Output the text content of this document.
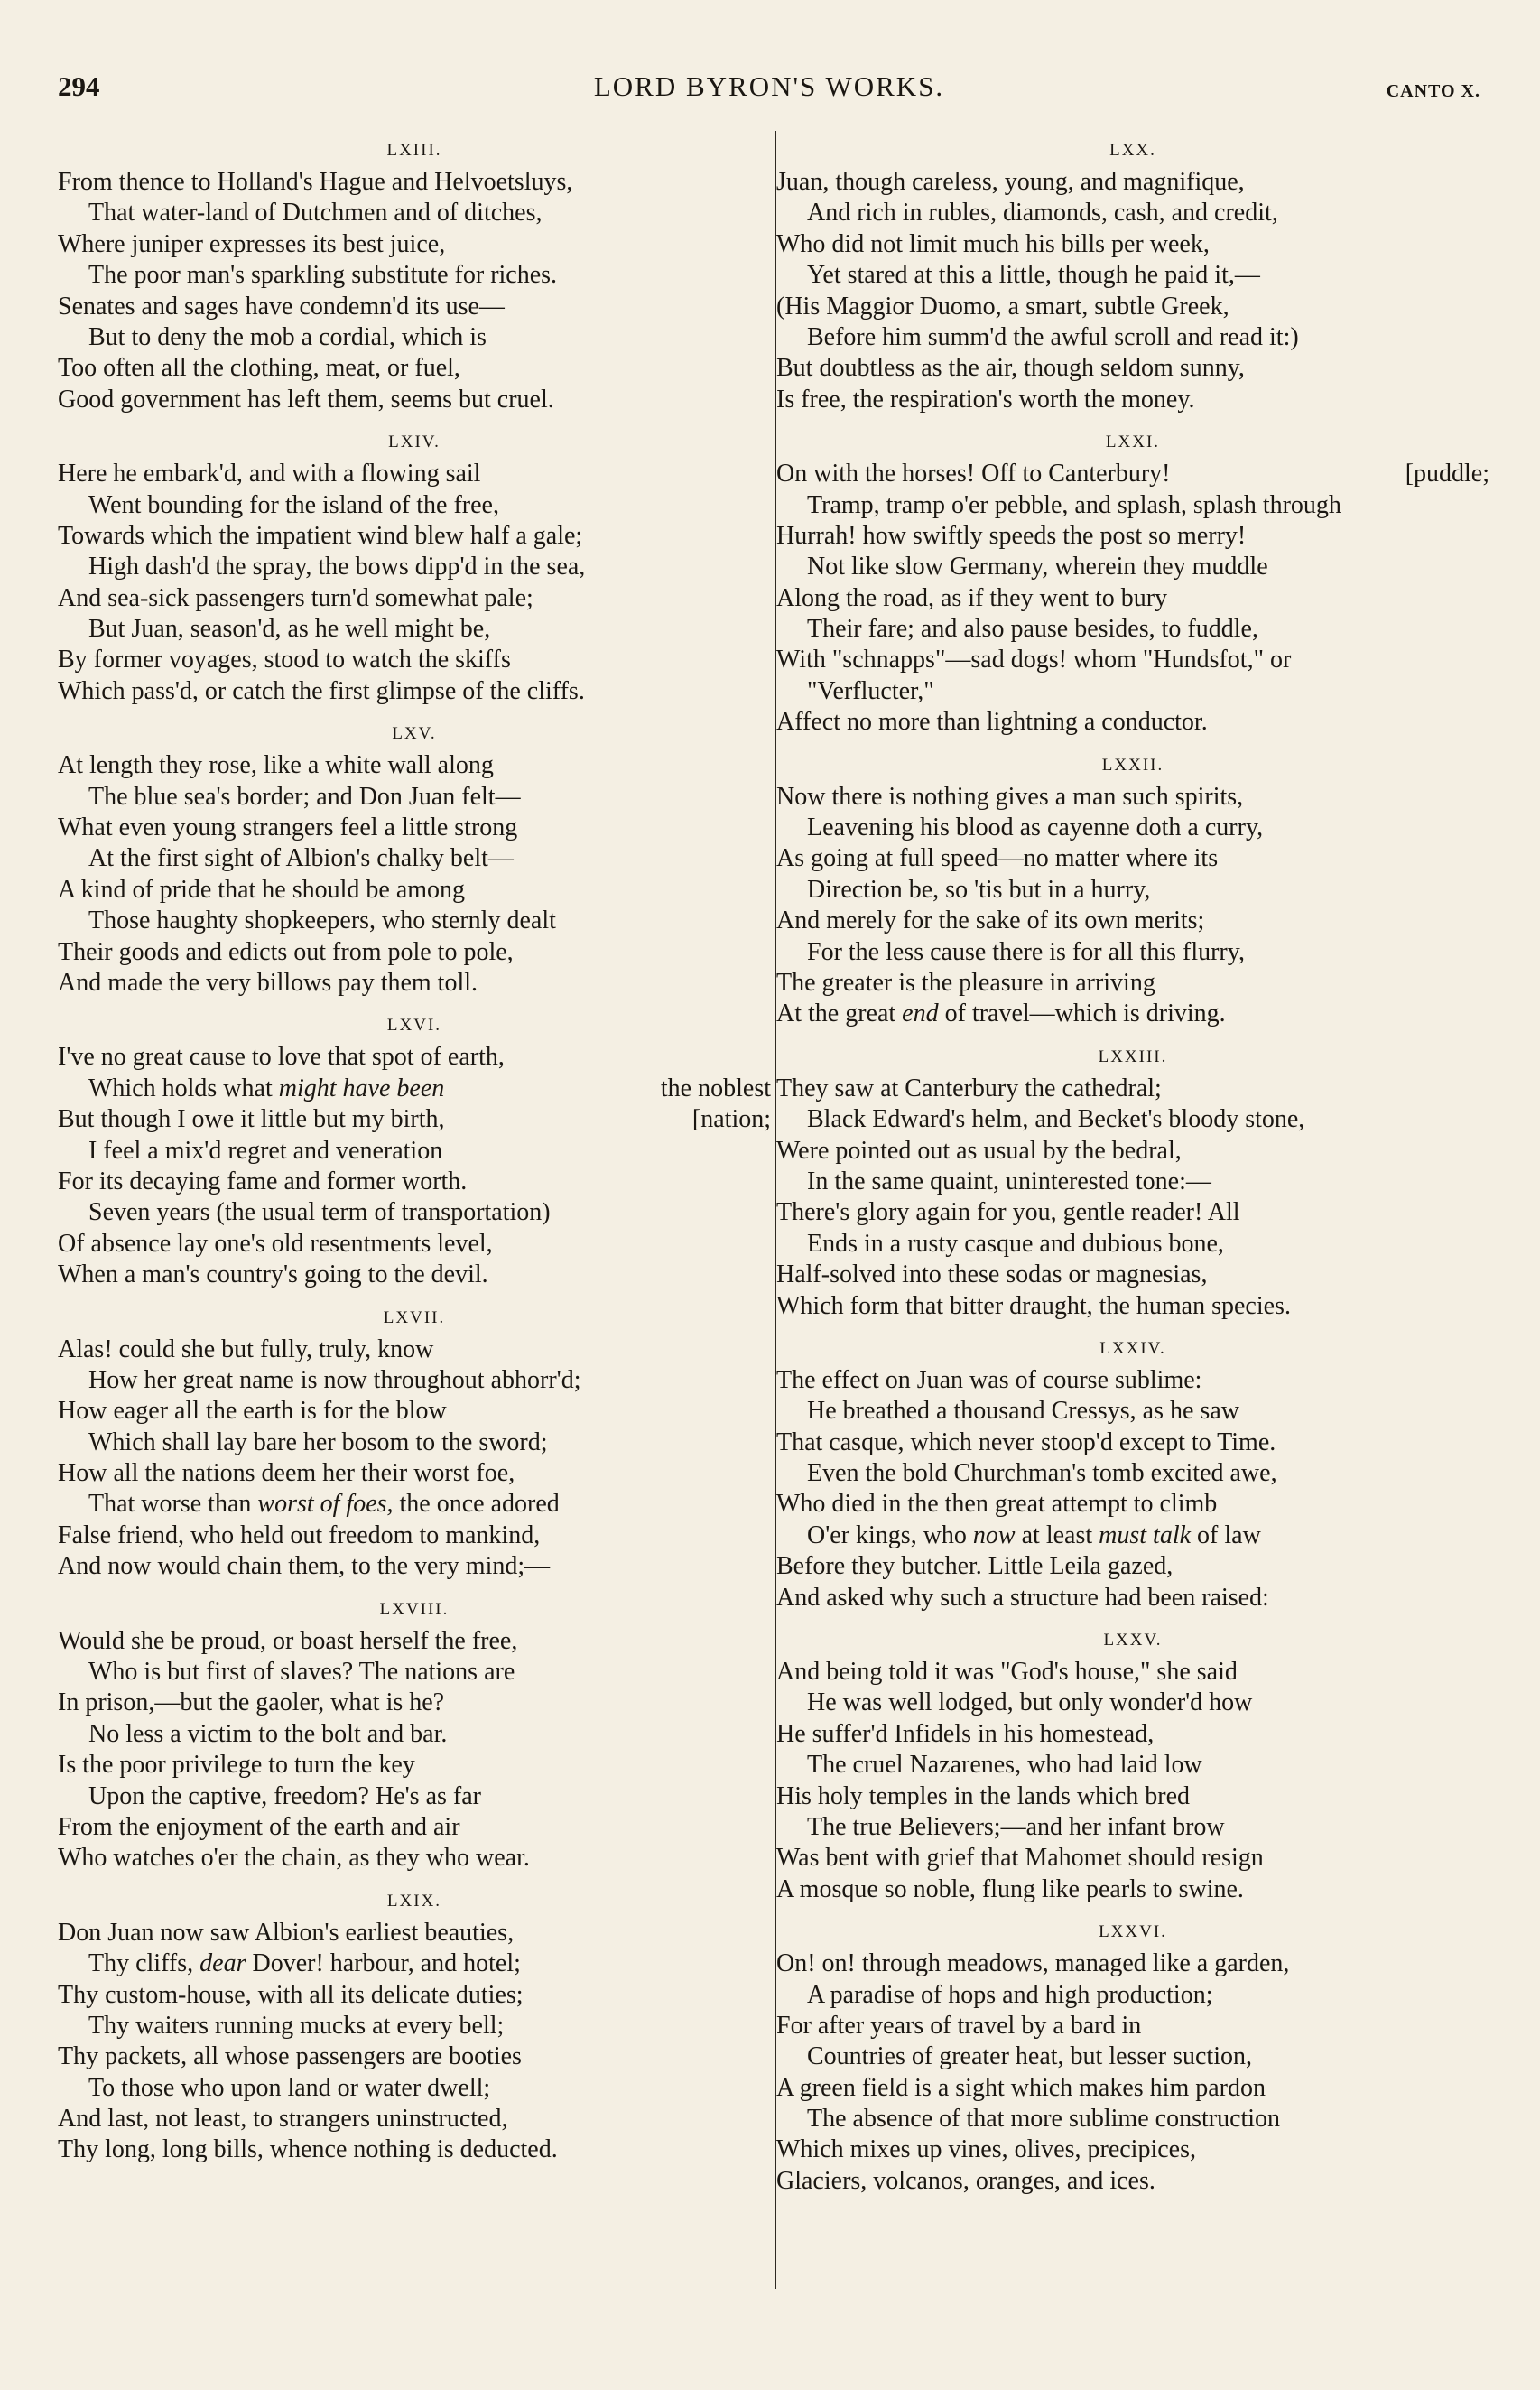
294	LORD BYRON'S WORKS.	CANTO X.
LXIII.
From thence to Holland's Hague and Helvoetsluys,
That water-land of Dutchmen and of ditches,
Where juniper expresses its best juice,
The poor man's sparkling substitute for riches.
Senates and sages have condemn'd its use—
But to deny the mob a cordial, which is
Too often all the clothing, meat, or fuel,
Good government has left them, seems but cruel.
LXIV.
Here he embark'd, and with a flowing sail
Went bounding for the island of the free,
Towards which the impatient wind blew half a gale;
High dash'd the spray, the bows dipp'd in the sea,
And sea-sick passengers turn'd somewhat pale;
But Juan, season'd, as he well might be,
By former voyages, stood to watch the skiffs
Which pass'd, or catch the first glimpse of the cliffs.
LXV.
At length they rose, like a white wall along
The blue sea's border; and Don Juan felt—
What even young strangers feel a little strong
At the first sight of Albion's chalky belt—
A kind of pride that he should be among
Those haughty shopkeepers, who sternly dealt
Their goods and edicts out from pole to pole,
And made the very billows pay them toll.
LXVI.
I've no great cause to love that spot of earth,
Which holds what might have been	the noblest
But though I owe it little but my birth,	[nation;
I feel a mix'd regret and veneration
For its decaying fame and former worth.
Seven years (the usual term of transportation)
Of absence lay one's old resentments level,
When a man's country's going to the devil.
LXVII.
Alas! could she but fully, truly, know
How her great name is now throughout abhorr'd;
How eager all the earth is for the blow
Which shall lay bare her bosom to the sword;
How all the nations deem her their worst foe,
That worse than worst of foes, the once adored
False friend, who held out freedom to mankind,
And now would chain them, to the very mind;—
LXVIII.
Would she be proud, or boast herself the free,
Who is but first of slaves? The nations are
In prison,—but the gaoler, what is he?
No less a victim to the bolt and bar.
Is the poor privilege to turn the key
Upon the captive, freedom? He's as far
From the enjoyment of the earth and air
Who watches o'er the chain, as they who wear.
LXIX.
Don Juan now saw Albion's earliest beauties,
Thy cliffs, dear Dover! harbour, and hotel;
Thy custom-house, with all its delicate duties;
Thy waiters running mucks at every bell;
Thy packets, all whose passengers are booties
To those who upon land or water dwell;
And last, not least, to strangers uninstructed,
Thy long, long bills, whence nothing is deducted.
LXX.
Juan, though careless, young, and magnifique,
And rich in rubles, diamonds, cash, and credit,
Who did not limit much his bills per week,
Yet stared at this a little, though he paid it,—
(His Maggior Duomo, a smart, subtle Greek,
Before him summ'd the awful scroll and read it:)
But doubtless as the air, though seldom sunny,
Is free, the respiration's worth the money.
LXXI.
On with the horses! Off to Canterbury!	[puddle;
Tramp, tramp o'er pebble, and splash, splash through
Hurrah! how swiftly speeds the post so merry!
Not like slow Germany, wherein they muddle
Along the road, as if they went to bury
Their fare; and also pause besides, to fuddle,
With "schnapps"—sad dogs! whom "Hundsfot," or
"Verflucter,"
Affect no more than lightning a conductor.
LXXII.
Now there is nothing gives a man such spirits,
Leavening his blood as cayenne doth a curry,
As going at full speed—no matter where its
Direction be, so 'tis but in a hurry,
And merely for the sake of its own merits;
For the less cause there is for all this flurry,
The greater is the pleasure in arriving
At the great end of travel—which is driving.
LXXIII.
They saw at Canterbury the cathedral;
Black Edward's helm, and Becket's bloody stone,
Were pointed out as usual by the bedral,
In the same quaint, uninterested tone:—
There's glory again for you, gentle reader! All
Ends in a rusty casque and dubious bone,
Half-solved into these sodas or magnesias,
Which form that bitter draught, the human species.
LXXIV.
The effect on Juan was of course sublime:
He breathed a thousand Cressys, as he saw
That casque, which never stoop'd except to Time.
Even the bold Churchman's tomb excited awe,
Who died in the then great attempt to climb
O'er kings, who now at least must talk of law
Before they butcher. Little Leila gazed,
And asked why such a structure had been raised:
LXXV.
And being told it was "God's house," she said
He was well lodged, but only wonder'd how
He suffer'd Infidels in his homestead,
The cruel Nazarenes, who had laid low
His holy temples in the lands which bred
The true Believers;—and her infant brow
Was bent with grief that Mahomet should resign
A mosque so noble, flung like pearls to swine.
LXXVI.
On! on! through meadows, managed like a garden,
A paradise of hops and high production;
For after years of travel by a bard in
Countries of greater heat, but lesser suction,
A green field is a sight which makes him pardon
The absence of that more sublime construction
Which mixes up vines, olives, precipices,
Glaciers, volcanos, oranges, and ices.
